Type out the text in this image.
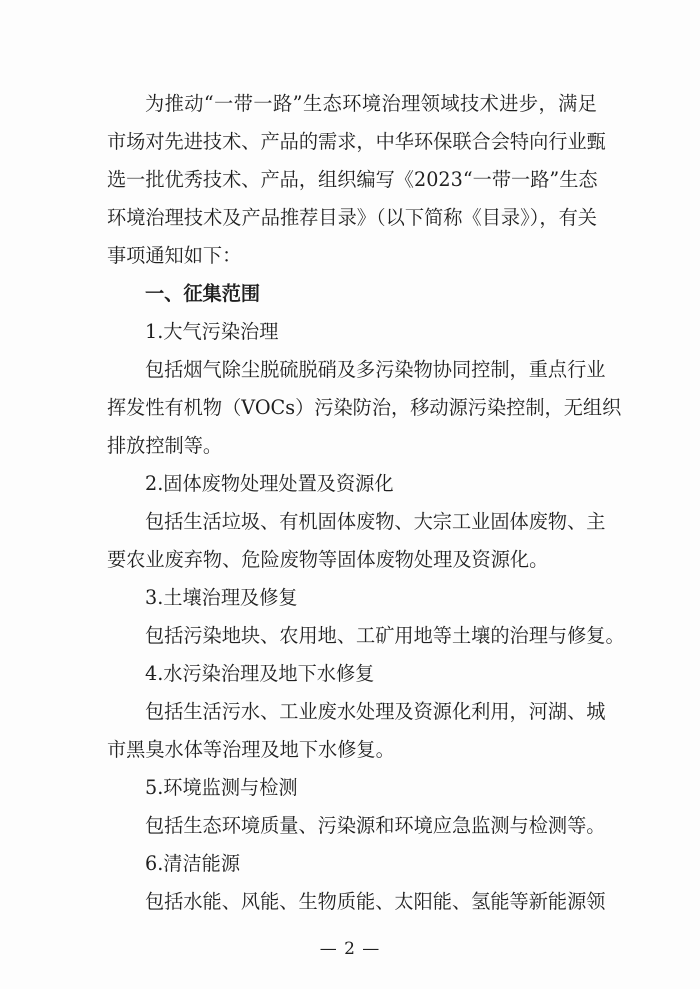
为推动“一带一路”生态环境治理领域技术进步，满足
市场对先进技术、产品的需求，中华环保联合会特向行业甄
选一批优秀技术、产品，组织编写《2023“一带一路”生态
环境治理技术及产品推荐目录》（以下简称《目录》），有关
事项通知如下：
一、征集范围
1.大气污染治理
包括烟气除尘脱硫脱硝及多污染物协同控制，重点行业
挥发性有机物（VOCs）污染防治，移动源污染控制，无组织
排放控制等。
2.固体废物处理处置及资源化
包括生活垃圾、有机固体废物、大宗工业固体废物、主
要农业废弃物、危险废物等固体废物处理及资源化。
3.土壤治理及修复
包括污染地块、农用地、工矿用地等土壤的治理与修复。
4.水污染治理及地下水修复
包括生活污水、工业废水处理及资源化利用，河湖、城
市黑臭水体等治理及地下水修复。
5.环境监测与检测
包括生态环境质量、污染源和环境应急监测与检测等。
6.清洁能源
包括水能、风能、生物质能、太阳能、氢能等新能源领
— 2 —
